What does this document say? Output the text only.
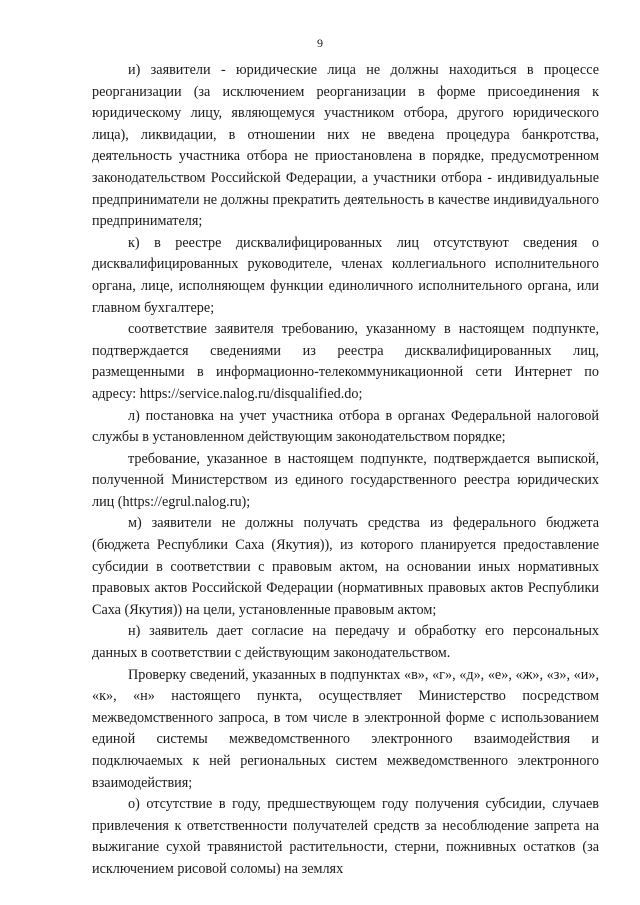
9

и) заявители - юридические лица не должны находиться в процессе реорганизации (за исключением реорганизации в форме присоединения к юридическому лицу, являющемуся участником отбора, другого юридического лица), ликвидации, в отношении них не введена процедура банкротства, деятельность участника отбора не приостановлена в порядке, предусмотренном законодательством Российской Федерации, а участники отбора - индивидуальные предприниматели не должны прекратить деятельность в качестве индивидуального предпринимателя;

к) в реестре дисквалифицированных лиц отсутствуют сведения о дисквалифицированных руководителе, членах коллегиального исполнительного органа, лице, исполняющем функции единоличного исполнительного органа, или главном бухгалтере;

соответствие заявителя требованию, указанному в настоящем подпункте, подтверждается сведениями из реестра дисквалифицированных лиц, размещенными в информационно-телекоммуникационной сети Интернет по адресу: https://service.nalog.ru/disqualified.do;

л) постановка на учет участника отбора в органах Федеральной налоговой службы в установленном действующим законодательством порядке;

требование, указанное в настоящем подпункте, подтверждается выпиской, полученной Министерством из единого государственного реестра юридических лиц (https://egrul.nalog.ru);

м) заявители не должны получать средства из федерального бюджета (бюджета Республики Саха (Якутия)), из которого планируется предоставление субсидии в соответствии с правовым актом, на основании иных нормативных правовых актов Российской Федерации (нормативных правовых актов Республики Саха (Якутия)) на цели, установленные правовым актом;

н) заявитель дает согласие на передачу и обработку его персональных данных в соответствии с действующим законодательством.

Проверку сведений, указанных в подпунктах «в», «г», «д», «е», «ж», «з», «и», «к», «н» настоящего пункта, осуществляет Министерство посредством межведомственного запроса, в том числе в электронной форме с использованием единой системы межведомственного электронного взаимодействия и подключаемых к ней региональных систем межведомственного электронного взаимодействия;

о) отсутствие в году, предшествующем году получения субсидии, случаев привлечения к ответственности получателей средств за несоблюдение запрета на выжигание сухой травянистой растительности, стерни, пожнивных остатков (за исключением рисовой соломы) на землях
